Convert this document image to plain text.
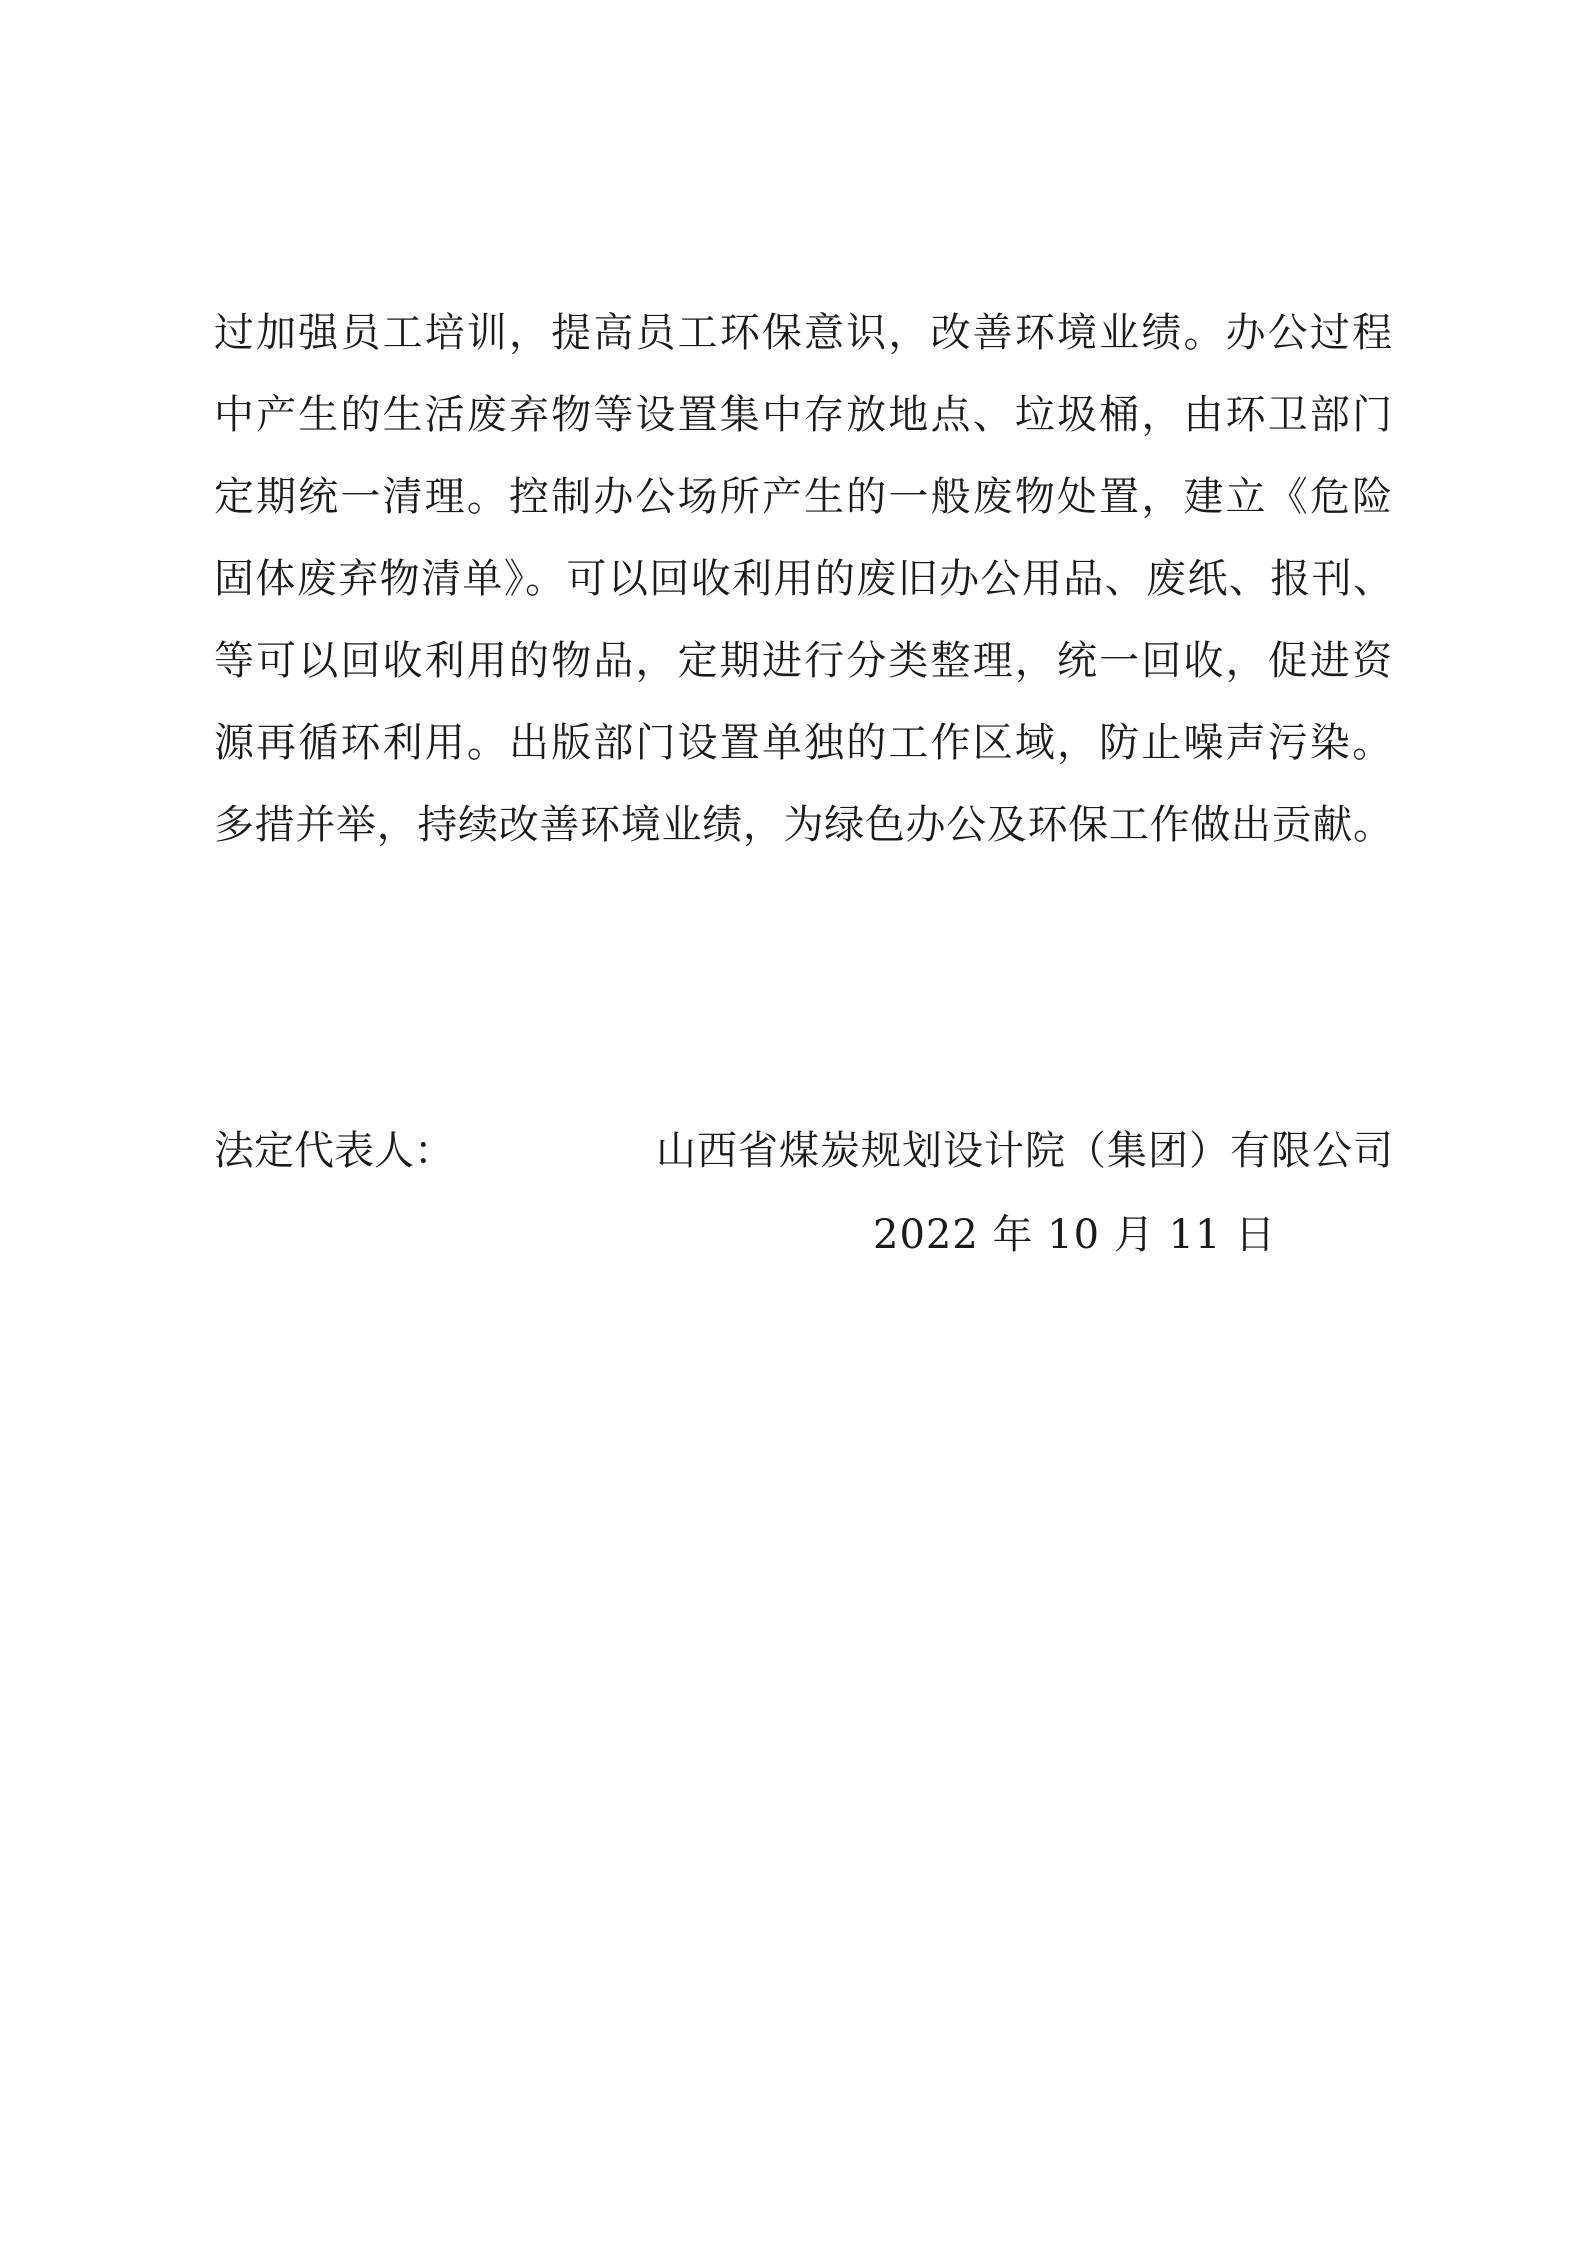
过加强员工培训，提高员工环保意识，改善环境业绩。办公过程
中产生的生活废弃物等设置集中存放地点、垃圾桶，由环卫部门
定期统一清理。控制办公场所产生的一般废物处置，建立《危险
固体废弃物清单》。可以回收利用的废旧办公用品、废纸、报刊、
等可以回收利用的物品，定期进行分类整理，统一回收，促进资
源再循环利用。出版部门设置单独的工作区域，防止噪声污染。
多措并举，持续改善环境业绩，为绿色办公及环保工作做出贡献。
法定代表人：	山西省煤炭规划设计院（集团）有限公司
2022 年 10 月 11 日
